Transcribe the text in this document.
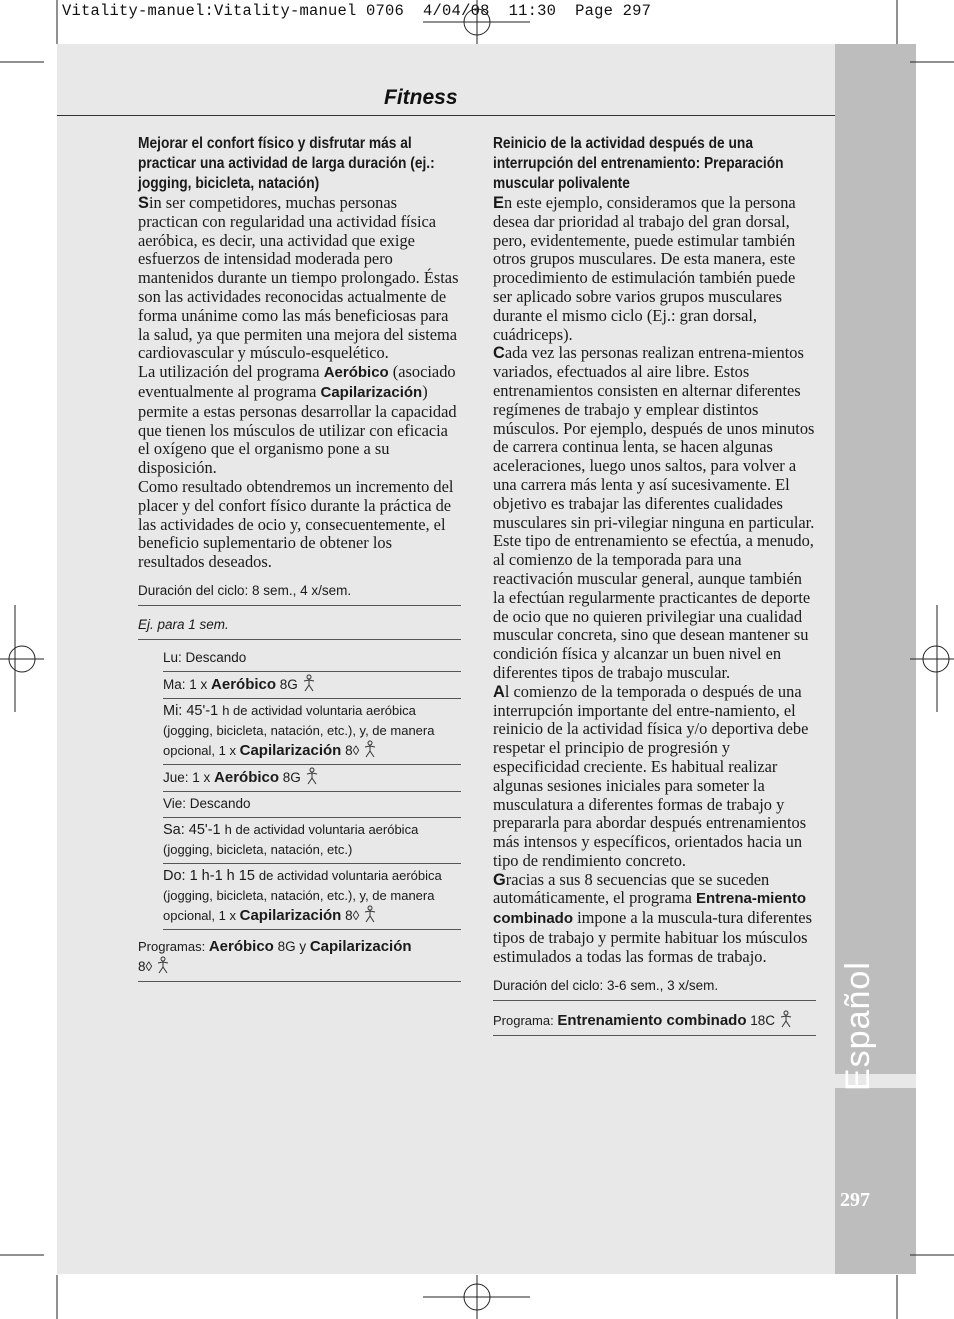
Vitality-manuel:Vitality-manuel 0706  4/04/08  11:30  Page 297
Español
297
Fitness
Mejorar el confort físico y disfrutar más al practicar una actividad de larga duración (ej.: jogging, bicicleta, natación)
Sin ser competidores, muchas personas practican con regularidad una actividad física aeróbica, es decir, una actividad que exige esfuerzos de intensidad moderada pero mantenidos durante un tiempo prolongado. Éstas son las actividades reconocidas actualmente de forma unánime como las más beneficiosas para la salud, ya que permiten una mejora del sistema cardiovascular y músculo-esquelético.
La utilización del programa Aeróbico (asociado eventualmente al programa Capilarización) permite a estas personas desarrollar la capacidad que tienen los músculos de utilizar con eficacia el oxígeno que el organismo pone a su disposición.
Como resultado obtendremos un incremento del placer y del confort físico durante la práctica de las actividades de ocio y, consecuentemente, el beneficio suplementario de obtener los resultados deseados.
Duración del ciclo: 8 sem., 4 x/sem.
Ej. para 1 sem.
Lu: Descando
Ma: 1 x Aeróbico 8G
Mi: 45'-1 h de actividad voluntaria aeróbica (jogging, bicicleta, natación, etc.), y, de manera opcional, 1 x Capilarización 8◊
Jue: 1 x Aeróbico 8G
Vie: Descando
Sa: 45'-1 h de actividad voluntaria aeróbica (jogging, bicicleta, natación, etc.)
Do: 1 h-1 h 15 de actividad voluntaria aeróbica (jogging, bicicleta, natación, etc.), y, de manera opcional, 1 x Capilarización 8◊
Programas: Aeróbico 8G y Capilarización
8◊
Reinicio de la actividad después de una interrupción del entrenamiento: Preparación muscular polivalente
En este ejemplo, consideramos que la persona desea dar prioridad al trabajo del gran dorsal, pero, evidentemente, puede estimular también otros grupos musculares. De esta manera, este procedimiento de estimulación también puede ser aplicado sobre varios grupos musculares durante el mismo ciclo (Ej.: gran dorsal, cuádriceps).
Cada vez las personas realizan entrena-mientos variados, efectuados al aire libre. Estos entrenamientos consisten en alternar diferentes regímenes de trabajo y emplear distintos músculos. Por ejemplo, después de unos minutos de carrera continua lenta, se hacen algunas aceleraciones, luego unos saltos, para volver a una carrera más lenta y así sucesivamente. El objetivo es trabajar las diferentes cualidades musculares sin pri-vilegiar ninguna en particular. Este tipo de entrenamiento se efectúa, a menudo, al comienzo de la temporada para una reactivación muscular general, aunque también la efectúan regularmente practicantes de deporte de ocio que no quieren privilegiar una cualidad muscular concreta, sino que desean mantener su condición física y alcanzar un buen nivel en diferentes tipos de trabajo muscular.
Al comienzo de la temporada o después de una interrupción importante del entre-namiento, el reinicio de la actividad física y/o deportiva debe respetar el principio de progresión y especificidad creciente. Es habitual realizar algunas sesiones iniciales para someter la musculatura a diferentes formas de trabajo y prepararla para abordar después entrenamientos más intensos y específicos, orientados hacia un tipo de rendimiento concreto.
Gracias a sus 8 secuencias que se suceden automáticamente, el programa Entrena-miento combinado impone a la muscula-tura diferentes tipos de trabajo y permite habituar los músculos estimulados a todas las formas de trabajo.
Duración del ciclo: 3-6 sem., 3 x/sem.
Programa: Entrenamiento combinado 18C
